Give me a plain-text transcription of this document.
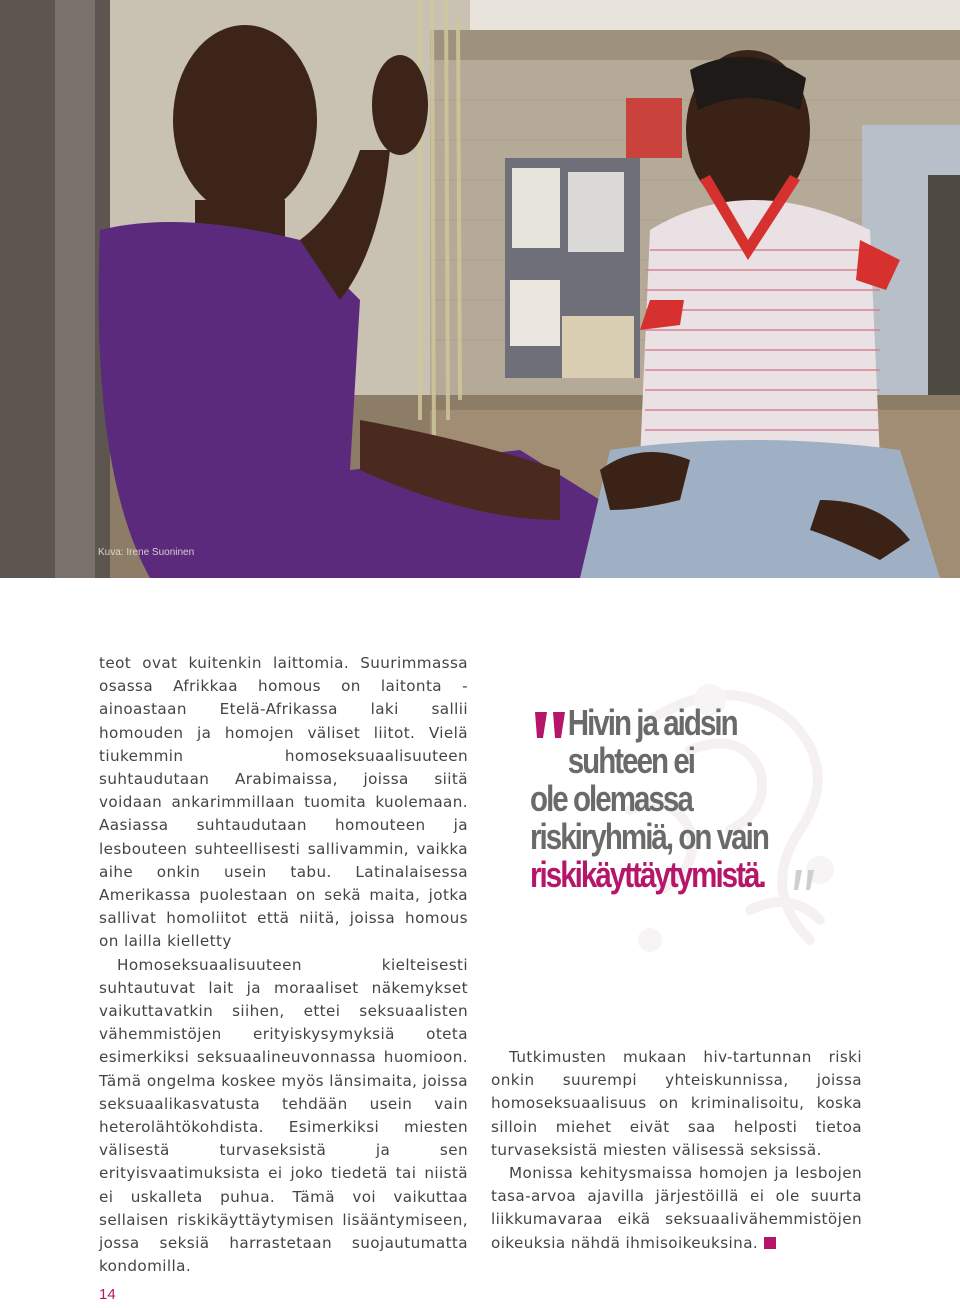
Kuva: Irene Suoninen

teot ovat kuitenkin laittomia. Suurimmassa osassa Afrikkaa homous on laitonta - ainoastaan Etelä-Afrikassa laki sallii homouden ja homojen väliset liitot. Vielä tiukemmin homoseksuaalisuuteen suhtaudutaan Arabimaissa, joissa siitä voidaan ankarimmillaan tuomita kuolemaan. Aasiassa suhtaudutaan homouteen ja lesbouteen suhteellisesti sallivammin, vaikka aihe onkin usein tabu. Latinalaisessa Amerikassa puolestaan on sekä maita, jotka sallivat homoliitot että niitä, joissa homous on lailla kielletty

Homoseksuaalisuuteen kielteisesti suhtautuvat lait ja moraaliset näkemykset vaikuttavatkin siihen, ettei seksuaalisten vähemmistöjen erityiskysymyksiä oteta esimerkiksi seksuaalineuvonnassa huomioon. Tämä ongelma koskee myös länsimaita, joissa seksuaalikasvatusta tehdään usein vain heterolähtökohdista. Esimerkiksi miesten välisestä turvaseksistä ja sen erityisvaatimuksista ei joko tiedetä tai niistä ei uskalleta puhua. Tämä voi vaikuttaa sellaisen riskikäyttäytymisen lisääntymiseen, jossa seksiä harrastetaan suojautumatta kondomilla.

Hivin ja aidsin
suhteen ei
ole olemassa
riskiryhmiä, on vain
riskikäyttäytymistä.

Tutkimusten mukaan hiv-tartunnan riski onkin suurempi yhteiskunnissa, joissa homoseksuaalisuus on kriminalisoitu, koska silloin miehet eivät saa helposti tietoa turvaseksistä miesten välisessä seksissä.

Monissa kehitysmaissa homojen ja lesbojen tasa-arvoa ajavilla järjestöillä ei ole suurta liikkumavaraa eikä seksuaalivähemmistöjen oikeuksia nähdä ihmisoikeuksina.

14
